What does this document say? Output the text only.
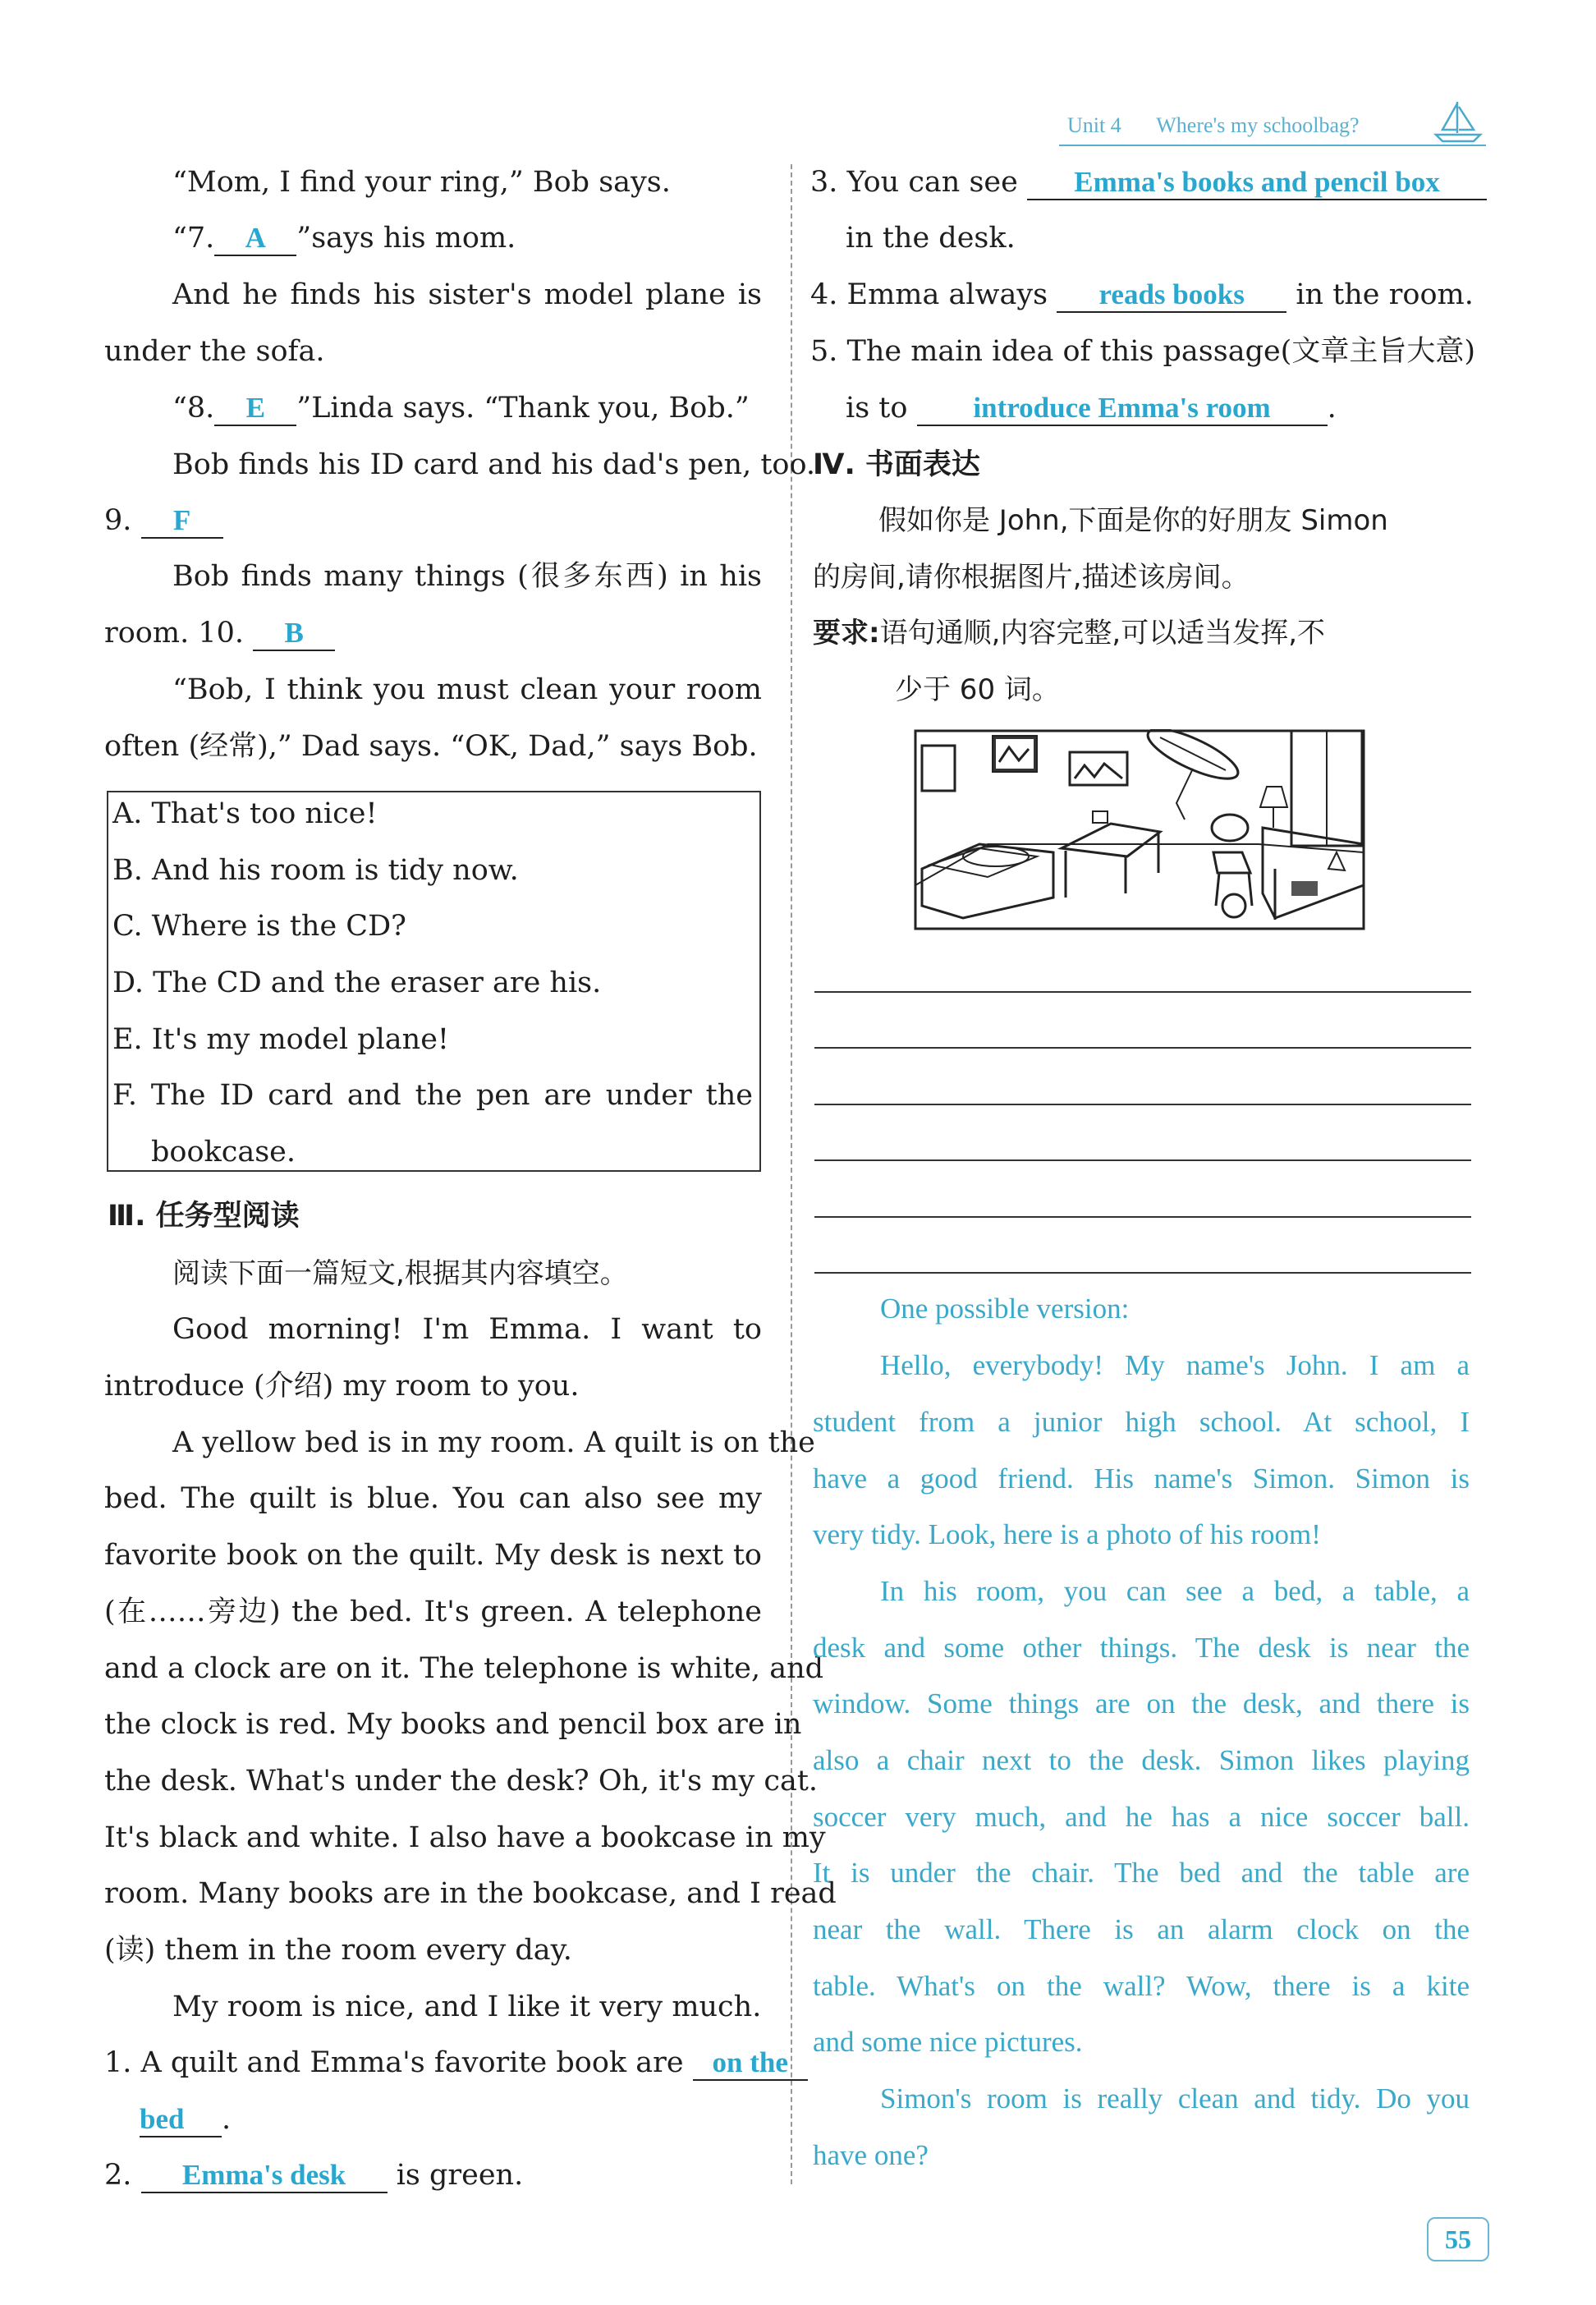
Unit 4 Where's my schoolbag?
“Mom, I find your ring,” Bob says.
“7. A ”says his mom.
And he finds his sister's model plane is
under the sofa.
“8. E ”Linda says. “Thank you, Bob.”
Bob finds his ID card and his dad's pen, too.
9. F
Bob finds many things (很多东西) in his
room. 10. B
“Bob, I think you must clean your room
often (经常),” Dad says. “OK, Dad,” says Bob.
A. That's too nice!
B. And his room is tidy now.
C. Where is the CD?
D. The CD and the eraser are his.
E. It's my model plane!
F. The ID card and the pen are under the
bookcase.
Ⅲ. 任务型阅读
阅读下面一篇短文,根据其内容填空。
Good morning! I'm Emma. I want to
introduce (介绍) my room to you.
A yellow bed is in my room. A quilt is on the
bed. The quilt is blue. You can also see my
favorite book on the quilt. My desk is next to
(在……旁边) the bed. It's green. A telephone
and a clock are on it. The telephone is white, and
the clock is red. My books and pencil box are in
the desk. What's under the desk? Oh, it's my cat.
It's black and white. I also have a bookcase in my
room. Many books are in the bookcase, and I read
(读) them in the room every day.
My room is nice, and I like it very much.
1. A quilt and Emma's favorite book are on the
bed .
2. Emma's desk is green.
3. You can see Emma's books and pencil box
in the desk.
4. Emma always reads books in the room.
5. The main idea of this passage(文章主旨大意)
is to introduce Emma's room .
Ⅳ. 书面表达
假如你是 John,下面是你的好朋友 Simon
的房间,请你根据图片,描述该房间。
要求:语句通顺,内容完整,可以适当发挥,不
少于 60 词。
One possible version:
Hello, everybody! My name's John. I am a
student from a junior high school. At school, I
have a good friend. His name's Simon. Simon is
very tidy. Look, here is a photo of his room!
In his room, you can see a bed, a table, a
desk and some other things. The desk is near the
window. Some things are on the desk, and there is
also a chair next to the desk. Simon likes playing
soccer very much, and he has a nice soccer ball.
It is under the chair. The bed and the table are
near the wall. There is an alarm clock on the
table. What's on the wall? Wow, there is a kite
and some nice pictures.
Simon's room is really clean and tidy. Do you
have one?
55
